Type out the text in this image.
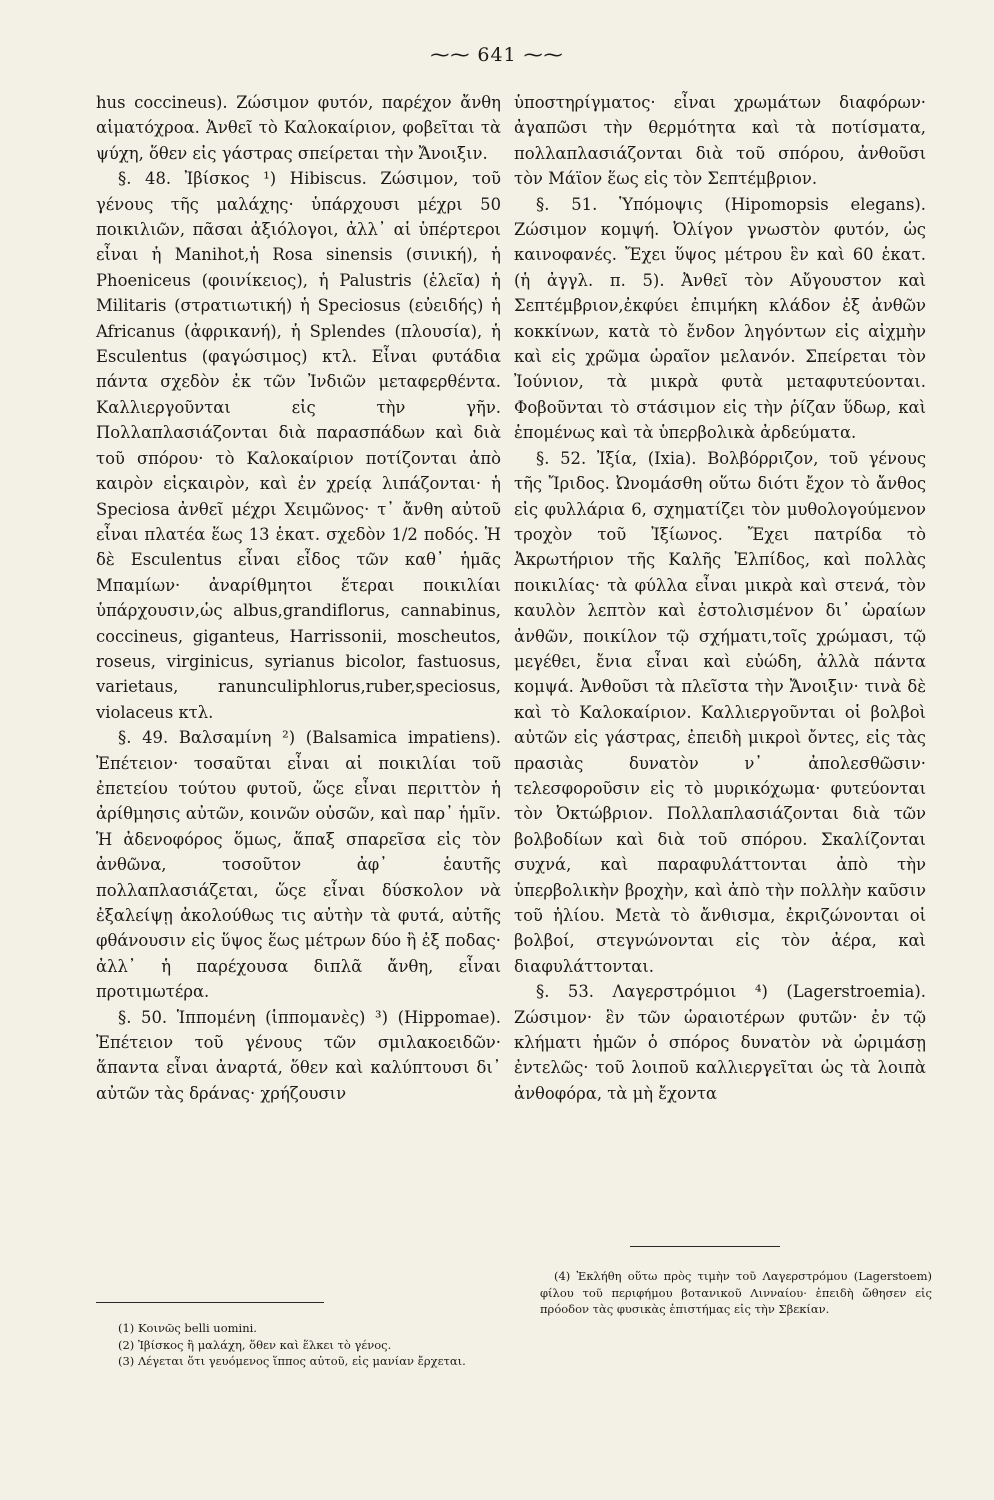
⁓⁓ 641 ⁓⁓

hus coccineus). Ζώσιμον φυτόν, παρέχον ἄνθη αἱματόχροα. Ἀνθεῖ τὸ Καλοκαίριον, φοβεῖται τὰ ψύχη, ὅθεν εἰς γάστρας σπείρεται τὴν Ἄνοιξιν.

§. 48. Ἰβίσκος ¹) Hibiscus. Ζώσιμον, τοῦ γένους τῆς μαλάχης· ὑπάρχουσι μέχρι 50 ποικιλιῶν, πᾶσαι ἀξιόλογοι, ἀλλ᾽ αἱ ὑπέρτεροι εἶναι ἡ Manihot,ἡ Rosa sinensis (σινική), ἡ Phoeniceus (φοινίκειος), ἡ Palustris (ἑλεῖα) ἡ Militaris (στρατιωτική) ἡ Speciosus (εὐειδής) ἡ Africanus (ἀφρικανή), ἡ Splendes (πλουσία), ἡ Esculentus (φαγώσιμος) κτλ. Εἶναι φυτάδια πάντα σχεδὸν ἐκ τῶν Ἰνδιῶν μεταφερθέντα. Καλλιεργοῦνται εἰς τὴν γῆν. Πολλαπλασιάζονται διὰ παρασπάδων καὶ διὰ τοῦ σπόρου· τὸ Καλοκαίριον ποτίζονται ἀπὸ καιρὸν εἰςκαιρὸν, καὶ ἐν χρείᾳ λιπάζονται· ἡ Speciosa ἀνθεῖ μέχρι Χειμῶνος· τ᾽ ἄνθη αὐτοῦ εἶναι πλατέα ἕως 13 ἑκατ. σχεδὸν 1/2 ποδός. Ἡ δὲ Esculentus εἶναι εἶδος τῶν καθ᾽ ἡμᾶς Μπαμίων· ἀναρίθμητοι ἕτεραι ποικιλίαι ὑπάρχουσιν,ὡς albus,grandiflorus, cannabinus, coccineus, giganteus, Harrissonii, moscheutos, roseus, virginicus, syrianus bicolor, fastuosus, varietaus, ranunculiphlorus,ruber,speciosus, violaceus κτλ.

§. 49. Βαλσαμίνη ²) (Balsamica impatiens). Ἐπέτειον· τοσαῦται εἶναι αἱ ποικιλίαι τοῦ ἐπετείου τούτου φυτοῦ, ὥςε εἶναι περιττὸν ἡ ἀρίθμησις αὐτῶν, κοινῶν οὐσῶν, καὶ παρ᾽ ἡμῖν. Ἡ ἀδενοφόρος ὅμως, ἅπαξ σπαρεῖσα εἰς τὸν ἀνθῶνα, τοσοῦτον ἀφ᾽ ἑαυτῆς πολλαπλασιάζεται, ὥςε εἶναι δύσκολον νὰ ἐξαλείψῃ ἀκολούθως τις αὐτὴν τὰ φυτά, αὐτῆς φθάνουσιν εἰς ὕψος ἕως μέτρων δύο ἢ ἐξ ποδας· ἀλλ᾽ ἡ παρέχουσα διπλᾶ ἄνθη, εἶναι προτιμωτέρα.

§. 50. Ἱππομένη (ἱππομανὲς) ³) (Hippomae). Ἐπέτειον τοῦ γένους τῶν σμιλακοειδῶν· ἅπαντα εἶναι ἀναρτά, ὅθεν καὶ καλύπτουσι δι᾽ αὐτῶν τὰς δράνας· χρήζουσιν

ὑποστηρίγματος· εἶναι χρωμάτων διαφόρων· ἀγαπῶσι τὴν θερμότητα καὶ τὰ ποτίσματα, πολλαπλασιάζονται διὰ τοῦ σπόρου, ἀνθοῦσι τὸν Μάϊον ἕως εἰς τὸν Σεπτέμβριον.

§. 51. Ὑπόμοψις (Hipomopsis elegans). Ζώσιμον κομψή. Ὀλίγον γνωστὸν φυτόν, ὡς καινοφανές. Ἔχει ὕψος μέτρου ἓν καὶ 60 ἑκατ. (ἡ ἀγγλ. π. 5). Ἀνθεῖ τὸν Αὔγουστον καὶ Σεπτέμβριον,ἐκφύει ἐπιμήκη κλάδον ἐξ ἀνθῶν κοκκίνων, κατὰ τὸ ἔνδον ληγόντων εἰς αἰχμὴν καὶ εἰς χρῶμα ὡραῖον μελανόν. Σπείρεται τὸν Ἰούνιον, τὰ μικρὰ φυτὰ μεταφυτεύονται. Φοβοῦνται τὸ στάσιμον εἰς τὴν ῥίζαν ὕδωρ, καὶ ἑπομένως καὶ τὰ ὑπερβολικὰ ἀρδεύματα.

§. 52. Ἰξία, (Ixia). Βολβόρριζον, τοῦ γένους τῆς Ἴριδος. Ὠνομάσθη οὕτω διότι ἔχον τὸ ἄνθος εἰς φυλλάρια 6, σχηματίζει τὸν μυθολογούμενον τροχὸν τοῦ Ἰξίωνος. Ἔχει πατρίδα τὸ Ἀκρωτήριον τῆς Καλῆς Ἐλπίδος, καὶ πολλὰς ποικιλίας· τὰ φύλλα εἶναι μικρὰ καὶ στενά, τὸν καυλὸν λεπτὸν καὶ ἐστολισμένον δι᾽ ὡραίων ἀνθῶν, ποικίλον τῷ σχήματι,τοῖς χρώμασι, τῷ μεγέθει, ἔνια εἶναι καὶ εὐώδη, ἀλλὰ πάντα κομψά. Ἀνθοῦσι τὰ πλεῖστα τὴν Ἄνοιξιν· τινὰ δὲ καὶ τὸ Καλοκαίριον. Καλλιεργοῦνται οἱ βολβοὶ αὐτῶν εἰς γάστρας, ἐπειδὴ μικροὶ ὄντες, εἰς τὰς πρασιὰς δυνατὸν ν᾽ ἀπολεσθῶσιν· τελεσφοροῦσιν εἰς τὸ μυρικόχωμα· φυτεύονται τὸν Ὀκτώβριον. Πολλαπλασιάζονται διὰ τῶν βολβοδίων καὶ διὰ τοῦ σπόρου. Σκαλίζονται συχνά, καὶ παραφυλάττονται ἀπὸ τὴν ὑπερβολικὴν βροχὴν, καὶ ἀπὸ τὴν πολλὴν καῦσιν τοῦ ἡλίου. Μετὰ τὸ ἄνθισμα, ἐκριζώνονται οἱ βολβοί, στεγνώνονται εἰς τὸν ἀέρα, καὶ διαφυλάττονται.

§. 53. Λαγερστρόμιοι ⁴) (Lagerstroemia). Ζώσιμον· ἓν τῶν ὡραιοτέρων φυτῶν· ἐν τῷ κλήματι ἡμῶν ὁ σπόρος δυνατὸν νὰ ὡριμάσῃ ἐντελῶς· τοῦ λοιποῦ καλλιεργεῖται ὡς τὰ λοιπὰ ἀνθοφόρα, τὰ μὴ ἔχοντα

(1) Κοινῶς belli uomini.

(2) Ἰβίσκος ἢ μαλάχη, ὅθεν καὶ ἕλκει τὸ γένος.

(3) Λέγεται ὅτι γευόμενος ἵππος αὐτοῦ, εἰς μανίαν ἔρχεται.

(4) Ἐκλήθη οὕτω πρὸς τιμὴν τοῦ Λαγερστρόμου (Lagerstoem) φίλου τοῦ περιφήμου βοτανικοῦ Λινναίου· ἐπειδὴ ὤθησεν εἰς πρόοδον τὰς φυσικὰς ἐπιστήμας εἰς τὴν Σβεκίαν.
